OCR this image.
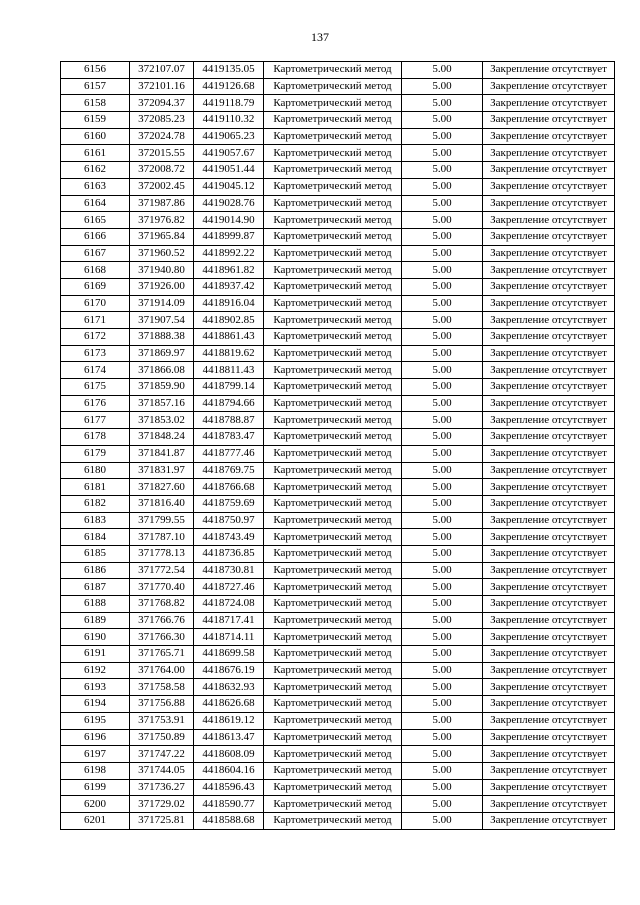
137
6156	372107.07	4419135.05	Картометрический метод	5.00	Закрепление отсутствует
6157	372101.16	4419126.68	Картометрический метод	5.00	Закрепление отсутствует
6158	372094.37	4419118.79	Картометрический метод	5.00	Закрепление отсутствует
6159	372085.23	4419110.32	Картометрический метод	5.00	Закрепление отсутствует
6160	372024.78	4419065.23	Картометрический метод	5.00	Закрепление отсутствует
6161	372015.55	4419057.67	Картометрический метод	5.00	Закрепление отсутствует
6162	372008.72	4419051.44	Картометрический метод	5.00	Закрепление отсутствует
6163	372002.45	4419045.12	Картометрический метод	5.00	Закрепление отсутствует
6164	371987.86	4419028.76	Картометрический метод	5.00	Закрепление отсутствует
6165	371976.82	4419014.90	Картометрический метод	5.00	Закрепление отсутствует
6166	371965.84	4418999.87	Картометрический метод	5.00	Закрепление отсутствует
6167	371960.52	4418992.22	Картометрический метод	5.00	Закрепление отсутствует
6168	371940.80	4418961.82	Картометрический метод	5.00	Закрепление отсутствует
6169	371926.00	4418937.42	Картометрический метод	5.00	Закрепление отсутствует
6170	371914.09	4418916.04	Картометрический метод	5.00	Закрепление отсутствует
6171	371907.54	4418902.85	Картометрический метод	5.00	Закрепление отсутствует
6172	371888.38	4418861.43	Картометрический метод	5.00	Закрепление отсутствует
6173	371869.97	4418819.62	Картометрический метод	5.00	Закрепление отсутствует
6174	371866.08	4418811.43	Картометрический метод	5.00	Закрепление отсутствует
6175	371859.90	4418799.14	Картометрический метод	5.00	Закрепление отсутствует
6176	371857.16	4418794.66	Картометрический метод	5.00	Закрепление отсутствует
6177	371853.02	4418788.87	Картометрический метод	5.00	Закрепление отсутствует
6178	371848.24	4418783.47	Картометрический метод	5.00	Закрепление отсутствует
6179	371841.87	4418777.46	Картометрический метод	5.00	Закрепление отсутствует
6180	371831.97	4418769.75	Картометрический метод	5.00	Закрепление отсутствует
6181	371827.60	4418766.68	Картометрический метод	5.00	Закрепление отсутствует
6182	371816.40	4418759.69	Картометрический метод	5.00	Закрепление отсутствует
6183	371799.55	4418750.97	Картометрический метод	5.00	Закрепление отсутствует
6184	371787.10	4418743.49	Картометрический метод	5.00	Закрепление отсутствует
6185	371778.13	4418736.85	Картометрический метод	5.00	Закрепление отсутствует
6186	371772.54	4418730.81	Картометрический метод	5.00	Закрепление отсутствует
6187	371770.40	4418727.46	Картометрический метод	5.00	Закрепление отсутствует
6188	371768.82	4418724.08	Картометрический метод	5.00	Закрепление отсутствует
6189	371766.76	4418717.41	Картометрический метод	5.00	Закрепление отсутствует
6190	371766.30	4418714.11	Картометрический метод	5.00	Закрепление отсутствует
6191	371765.71	4418699.58	Картометрический метод	5.00	Закрепление отсутствует
6192	371764.00	4418676.19	Картометрический метод	5.00	Закрепление отсутствует
6193	371758.58	4418632.93	Картометрический метод	5.00	Закрепление отсутствует
6194	371756.88	4418626.68	Картометрический метод	5.00	Закрепление отсутствует
6195	371753.91	4418619.12	Картометрический метод	5.00	Закрепление отсутствует
6196	371750.89	4418613.47	Картометрический метод	5.00	Закрепление отсутствует
6197	371747.22	4418608.09	Картометрический метод	5.00	Закрепление отсутствует
6198	371744.05	4418604.16	Картометрический метод	5.00	Закрепление отсутствует
6199	371736.27	4418596.43	Картометрический метод	5.00	Закрепление отсутствует
6200	371729.02	4418590.77	Картометрический метод	5.00	Закрепление отсутствует
6201	371725.81	4418588.68	Картометрический метод	5.00	Закрепление отсутствует
